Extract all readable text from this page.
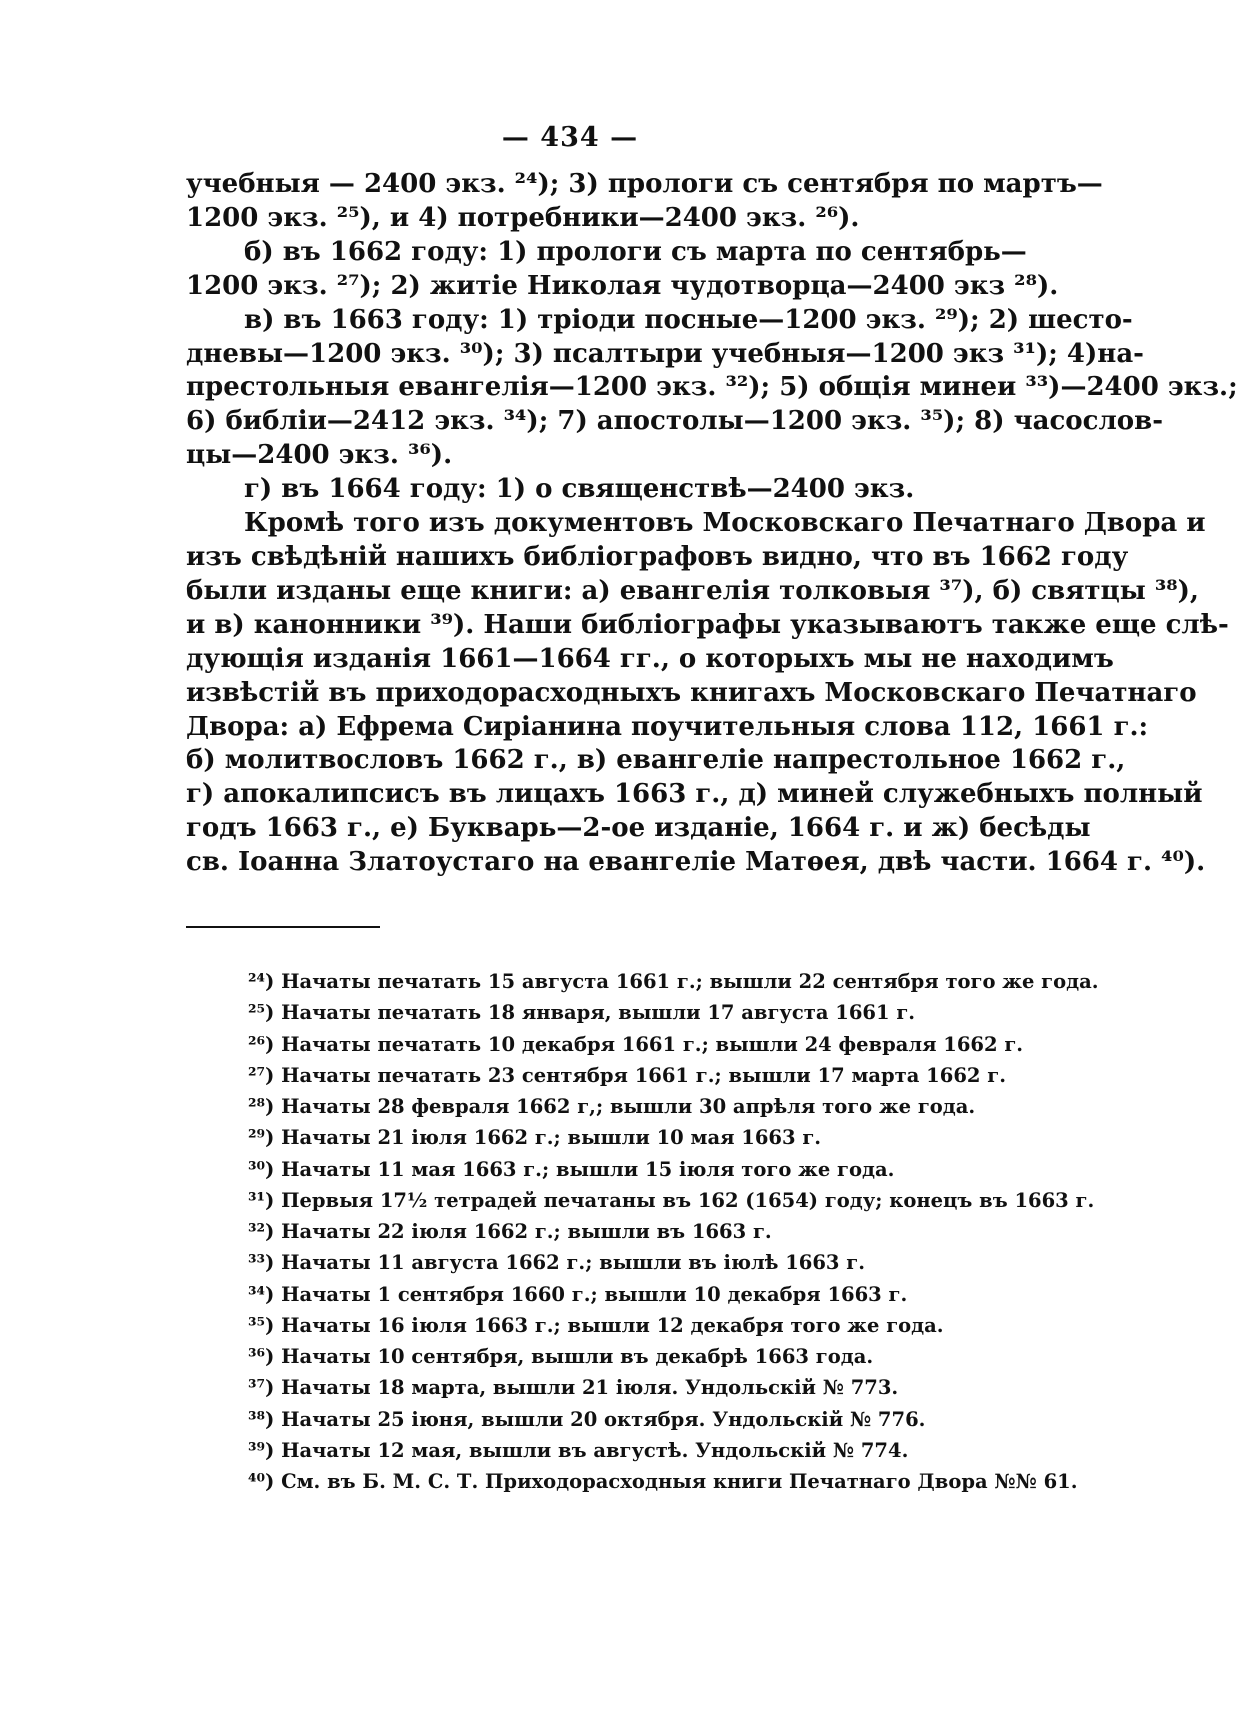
— 434 —
учебныя — 2400 экз. ²⁴); 3) прологи съ сентября по мартъ—
1200 экз. ²⁵), и 4) потребники—2400 экз. ²⁶).
б) въ 1662 году: 1) прологи съ марта по сентябрь—
1200 экз. ²⁷); 2) житіе Николая чудотворца—2400 экз ²⁸).
в) въ 1663 году: 1) тріоди посные—1200 экз. ²⁹); 2) шесто-
дневы—1200 экз. ³⁰); 3) псалтыри учебныя—1200 экз ³¹); 4)на-
престольныя евангелія—1200 экз. ³²); 5) общія минеи ³³)—2400 экз.;
6) библіи—2412 экз. ³⁴); 7) апостолы—1200 экз. ³⁵); 8) часослов-
цы—2400 экз. ³⁶).
г) въ 1664 году: 1) о священствѣ—2400 экз.
Кромѣ того изъ документовъ Московскаго Печатнаго Двора и
изъ свѣдѣній нашихъ библіографовъ видно, что въ 1662 году
были изданы еще книги: а) евангелія толковыя ³⁷), б) святцы ³⁸),
и в) канонники ³⁹). Наши библіографы указываютъ также еще слѣ-
дующія изданія 1661—1664 гг., о которыхъ мы не находимъ
извѣстій въ приходорасходныхъ книгахъ Московскаго Печатнаго
Двора: а) Ефрема Сиріанина поучительныя слова 112, 1661 г.:
б) молитвословъ 1662 г., в) евангеліе напрестольное 1662 г.,
г) апокалипсисъ въ лицахъ 1663 г., д) миней служебныхъ полный
годъ 1663 г., е) Букварь—2-ое изданіе, 1664 г. и ж) бесѣды
св. Іоанна Златоустаго на евангеліе Матѳея, двѣ части. 1664 г. ⁴⁰).
²⁴) Начаты печатать 15 августа 1661 г.; вышли 22 сентября того же года.
²⁵) Начаты печатать 18 января, вышли 17 августа 1661 г.
²⁶) Начаты печатать 10 декабря 1661 г.; вышли 24 февраля 1662 г.
²⁷) Начаты печатать 23 сентября 1661 г.; вышли 17 марта 1662 г.
²⁸) Начаты 28 февраля 1662 г,; вышли 30 апрѣля того же года.
²⁹) Начаты 21 іюля 1662 г.; вышли 10 мая 1663 г.
³⁰) Начаты 11 мая 1663 г.; вышли 15 іюля того же года.
³¹) Первыя 17½ тетрадей печатаны въ 162 (1654) году; конецъ въ 1663 г.
³²) Начаты 22 іюля 1662 г.; вышли въ 1663 г.
³³) Начаты 11 августа 1662 г.; вышли въ іюлѣ 1663 г.
³⁴) Начаты 1 сентября 1660 г.; вышли 10 декабря 1663 г.
³⁵) Начаты 16 іюля 1663 г.; вышли 12 декабря того же года.
³⁶) Начаты 10 сентября, вышли въ декабрѣ 1663 года.
³⁷) Начаты 18 марта, вышли 21 іюля. Ундольскій № 773.
³⁸) Начаты 25 іюня, вышли 20 октября. Ундольскій № 776.
³⁹) Начаты 12 мая, вышли въ августѣ. Ундольскій № 774.
⁴⁰) См. въ Б. М. С. Т. Приходорасходныя книги Печатнаго Двора №№ 61.
